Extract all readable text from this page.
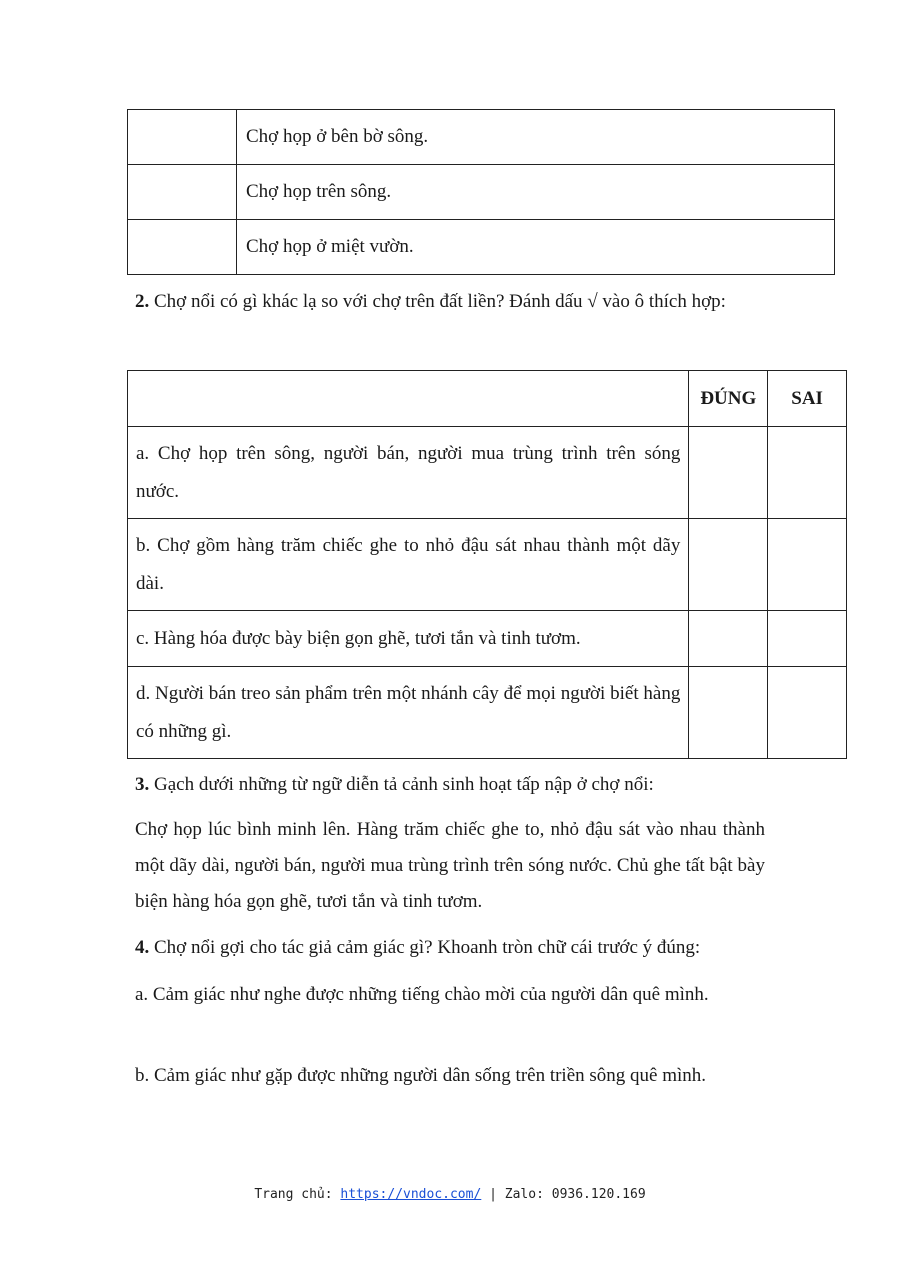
	Chợ họp ở bên bờ sông.
	Chợ họp trên sông.
	Chợ họp ở miệt vườn.

2. Chợ nổi có gì khác lạ so với chợ trên đất liền? Đánh dấu √ vào ô thích hợp:

	ĐÚNG	SAI
a. Chợ họp trên sông, người bán, người mua trùng trình trên sóng nước.		
b. Chợ gồm hàng trăm chiếc ghe to nhỏ đậu sát nhau thành một dãy dài.		
c. Hàng hóa được bày biện gọn ghẽ, tươi tắn và tinh tươm.		
d. Người bán treo sản phẩm trên một nhánh cây để mọi người biết hàng có những gì.		

3. Gạch dưới những từ ngữ diễn tả cảnh sinh hoạt tấp nập ở chợ nổi:

Chợ họp lúc bình minh lên. Hàng trăm chiếc ghe to, nhỏ đậu sát vào nhau thành một dãy dài, người bán, người mua trùng trình trên sóng nước. Chủ ghe tất bật bày biện hàng hóa gọn ghẽ, tươi tắn và tinh tươm.

4. Chợ nổi gợi cho tác giả cảm giác gì? Khoanh tròn chữ cái trước ý đúng:

a. Cảm giác như nghe được những tiếng chào mời của người dân quê mình.

b. Cảm giác như gặp được những người dân sống trên triền sông quê mình.

Trang chủ: https://vndoc.com/ | Zalo: 0936.120.169
